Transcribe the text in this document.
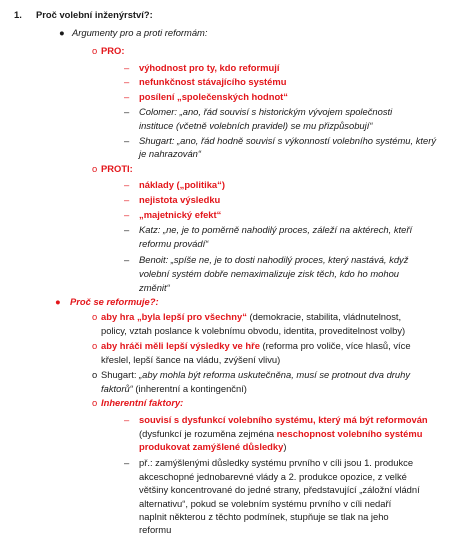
1. Proč volební inženýrství?:
● Argumenty pro a proti reformám:
o PRO:
– výhodnost pro ty, kdo reformují
– nefunkčnost stávajícího systému
– posílení „společenských hodnot“
– Colomer: „ano, řád souvisí s historickým vývojem společnosti
instituce (včetně volebních pravidel) se mu přizpůsobují“
– Shugart: „ano, řád hodně souvisí s výkonností volebního systému, který
je nahrazován“
o PROTI:
– náklady („politika“)
– nejistota výsledku
– „majetnický efekt“
– Katz: „ne, je to poměrně nahodilý proces, záleží na aktérech, kteří
reformu provádí“
– Benoit: „spíše ne, je to dosti nahodilý proces, který nastává, když
volební systém dobře nemaximalizuje zisk těch, kdo ho mohou
změnit“
● Proč se reformuje?:
o aby hra „byla lepší pro všechny“ (demokracie, stabilita, vládnutelnost,
policy, vztah poslance k volebnímu obvodu, identita, proveditelnost volby)
o aby hráči měli lepší výsledky ve hře (reforma pro voliče, více hlasů, více
křeslel, lepší šance na vládu, zvýšení vlivu)
o Shugart: „aby mohla být reforma uskutečněna, musí se protnout dva druhy
faktorů“ (inherentní a kontingenční)
o Inherentní faktory:
– souvisí s dysfunkcí volebního systému, který má být reformován
(dysfunkcí je rozuměna zejména neschopnost volebního systému
produkovat zamýšlené důsledky)
– př.: zamýšlenými důsledky systému prvního v cíli jsou 1. produkce
akceschopné jednobarevné vlády a 2. produkce opozice, z velké
většiny koncentrované do jedné strany, představující „záložní vládní
alternativu“, pokud se volebním systému prvního v cíli nedaří
naplnit některou z těchto podmínek, stupňuje se tlak na jeho
reformu
